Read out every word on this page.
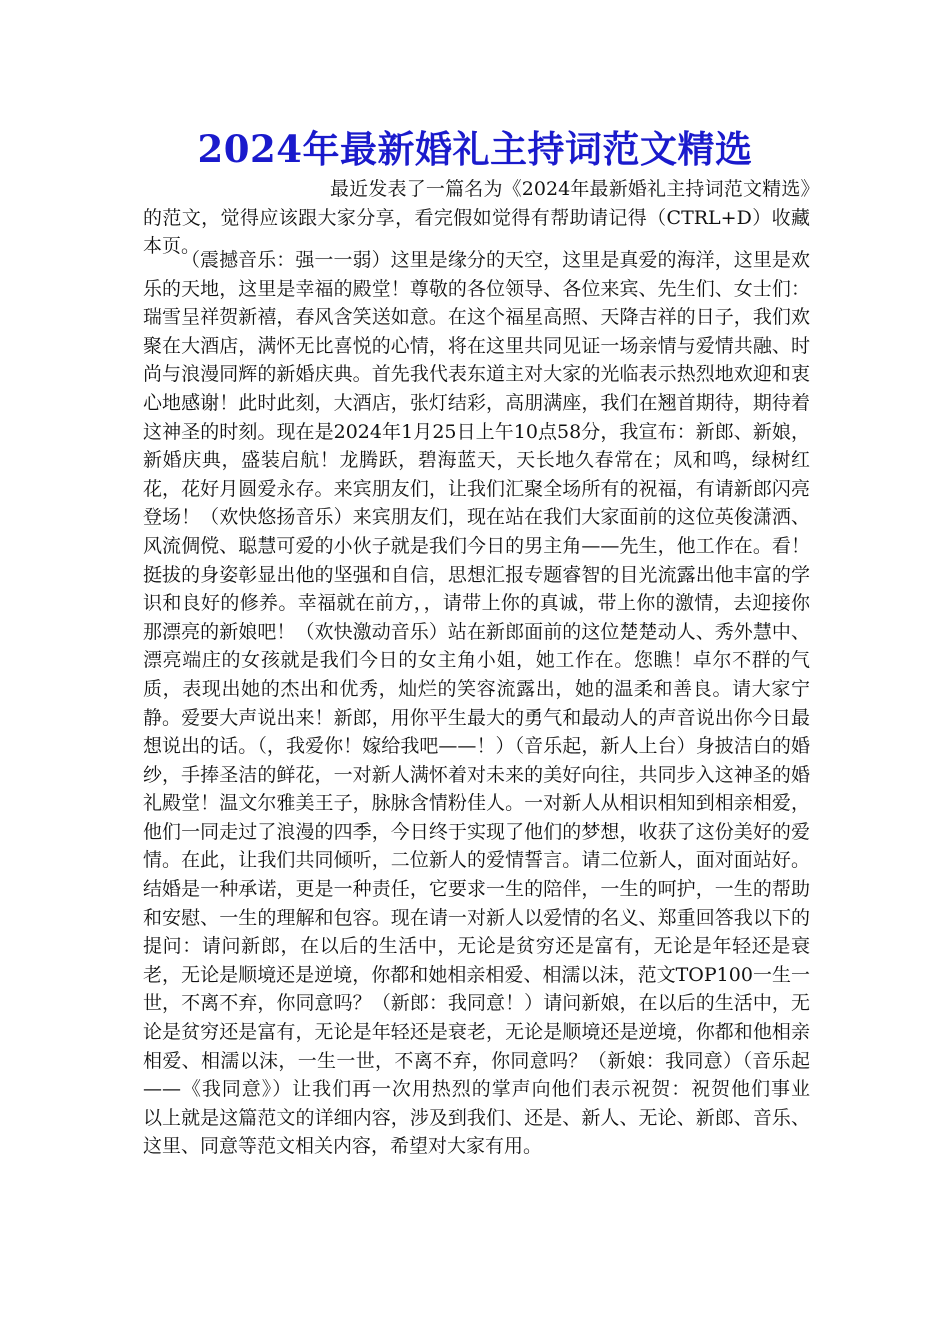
2024年最新婚礼主持词范文精选

最近发表了一篇名为《2024年最新婚礼主持词范文精选》的范文，觉得应该跟大家分享，看完假如觉得有帮助请记得（CTRL+D）收藏本页。

（震撼音乐：强一一弱）这里是缘分的天空，这里是真爱的海洋，这里是欢乐的天地，这里是幸福的殿堂！尊敬的各位领导、各位来宾、先生们、女士们：瑞雪呈祥贺新禧，春风含笑送如意。在这个福星高照、天降吉祥的日子，我们欢聚在大酒店，满怀无比喜悦的心情，将在这里共同见证一场亲情与爱情共融、时尚与浪漫同辉的新婚庆典。首先我代表东道主对大家的光临表示热烈地欢迎和衷心地感谢！此时此刻，大酒店，张灯结彩，高朋满座，我们在翘首期待，期待着这神圣的时刻。现在是2024年1月25日上午10点58分，我宣布：新郎、新娘，新婚庆典，盛装启航！龙腾跃，碧海蓝天，天长地久春常在；凤和鸣，绿树红花，花好月圆爱永存。来宾朋友们，让我们汇聚全场所有的祝福，有请新郎闪亮登场！（欢快悠扬音乐）来宾朋友们，现在站在我们大家面前的这位英俊潇洒、风流倜傥、聪慧可爱的小伙子就是我们今日的男主角——先生，他工作在。看！挺拔的身姿彰显出他的坚强和自信，思想汇报专题睿智的目光流露出他丰富的学识和良好的修养。幸福就在前方，，请带上你的真诚，带上你的激情，去迎接你那漂亮的新娘吧！（欢快激动音乐）站在新郎面前的这位楚楚动人、秀外慧中、漂亮端庄的女孩就是我们今日的女主角小姐，她工作在。您瞧！卓尔不群的气质，表现出她的杰出和优秀，灿烂的笑容流露出，她的温柔和善良。请大家宁静。爱要大声说出来！新郎，用你平生最大的勇气和最动人的声音说出你今日最想说出的话。（，我爱你！嫁给我吧——！）（音乐起，新人上台）身披洁白的婚纱，手捧圣洁的鲜花，一对新人满怀着对未来的美好向往，共同步入这神圣的婚礼殿堂！温文尔雅美王子，脉脉含情粉佳人。一对新人从相识相知到相亲相爱，他们一同走过了浪漫的四季，今日终于实现了他们的梦想，收获了这份美好的爱情。在此，让我们共同倾听，二位新人的爱情誓言。请二位新人，面对面站好。结婚是一种承诺，更是一种责任，它要求一生的陪伴，一生的呵护，一生的帮助和安慰、一生的理解和包容。现在请一对新人以爱情的名义、郑重回答我以下的提问：请问新郎，在以后的生活中，无论是贫穷还是富有，无论是年轻还是衰老，无论是顺境还是逆境，你都和她相亲相爱、相濡以沫，范文TOP100一生一世，不离不弃，你同意吗？（新郎：我同意！）请问新娘，在以后的生活中，无论是贫穷还是富有，无论是年轻还是衰老，无论是顺境还是逆境，你都和他相亲相爱、相濡以沫，一生一世，不离不弃，你同意吗？（新娘：我同意）（音乐起——《我同意》）让我们再一次用热烈的掌声向他们表示祝贺：祝贺他们事业　　以上就是这篇范文的详细内容，涉及到我们、还是、新人、无论、新郎、音乐、这里、同意等范文相关内容，希望对大家有用。
